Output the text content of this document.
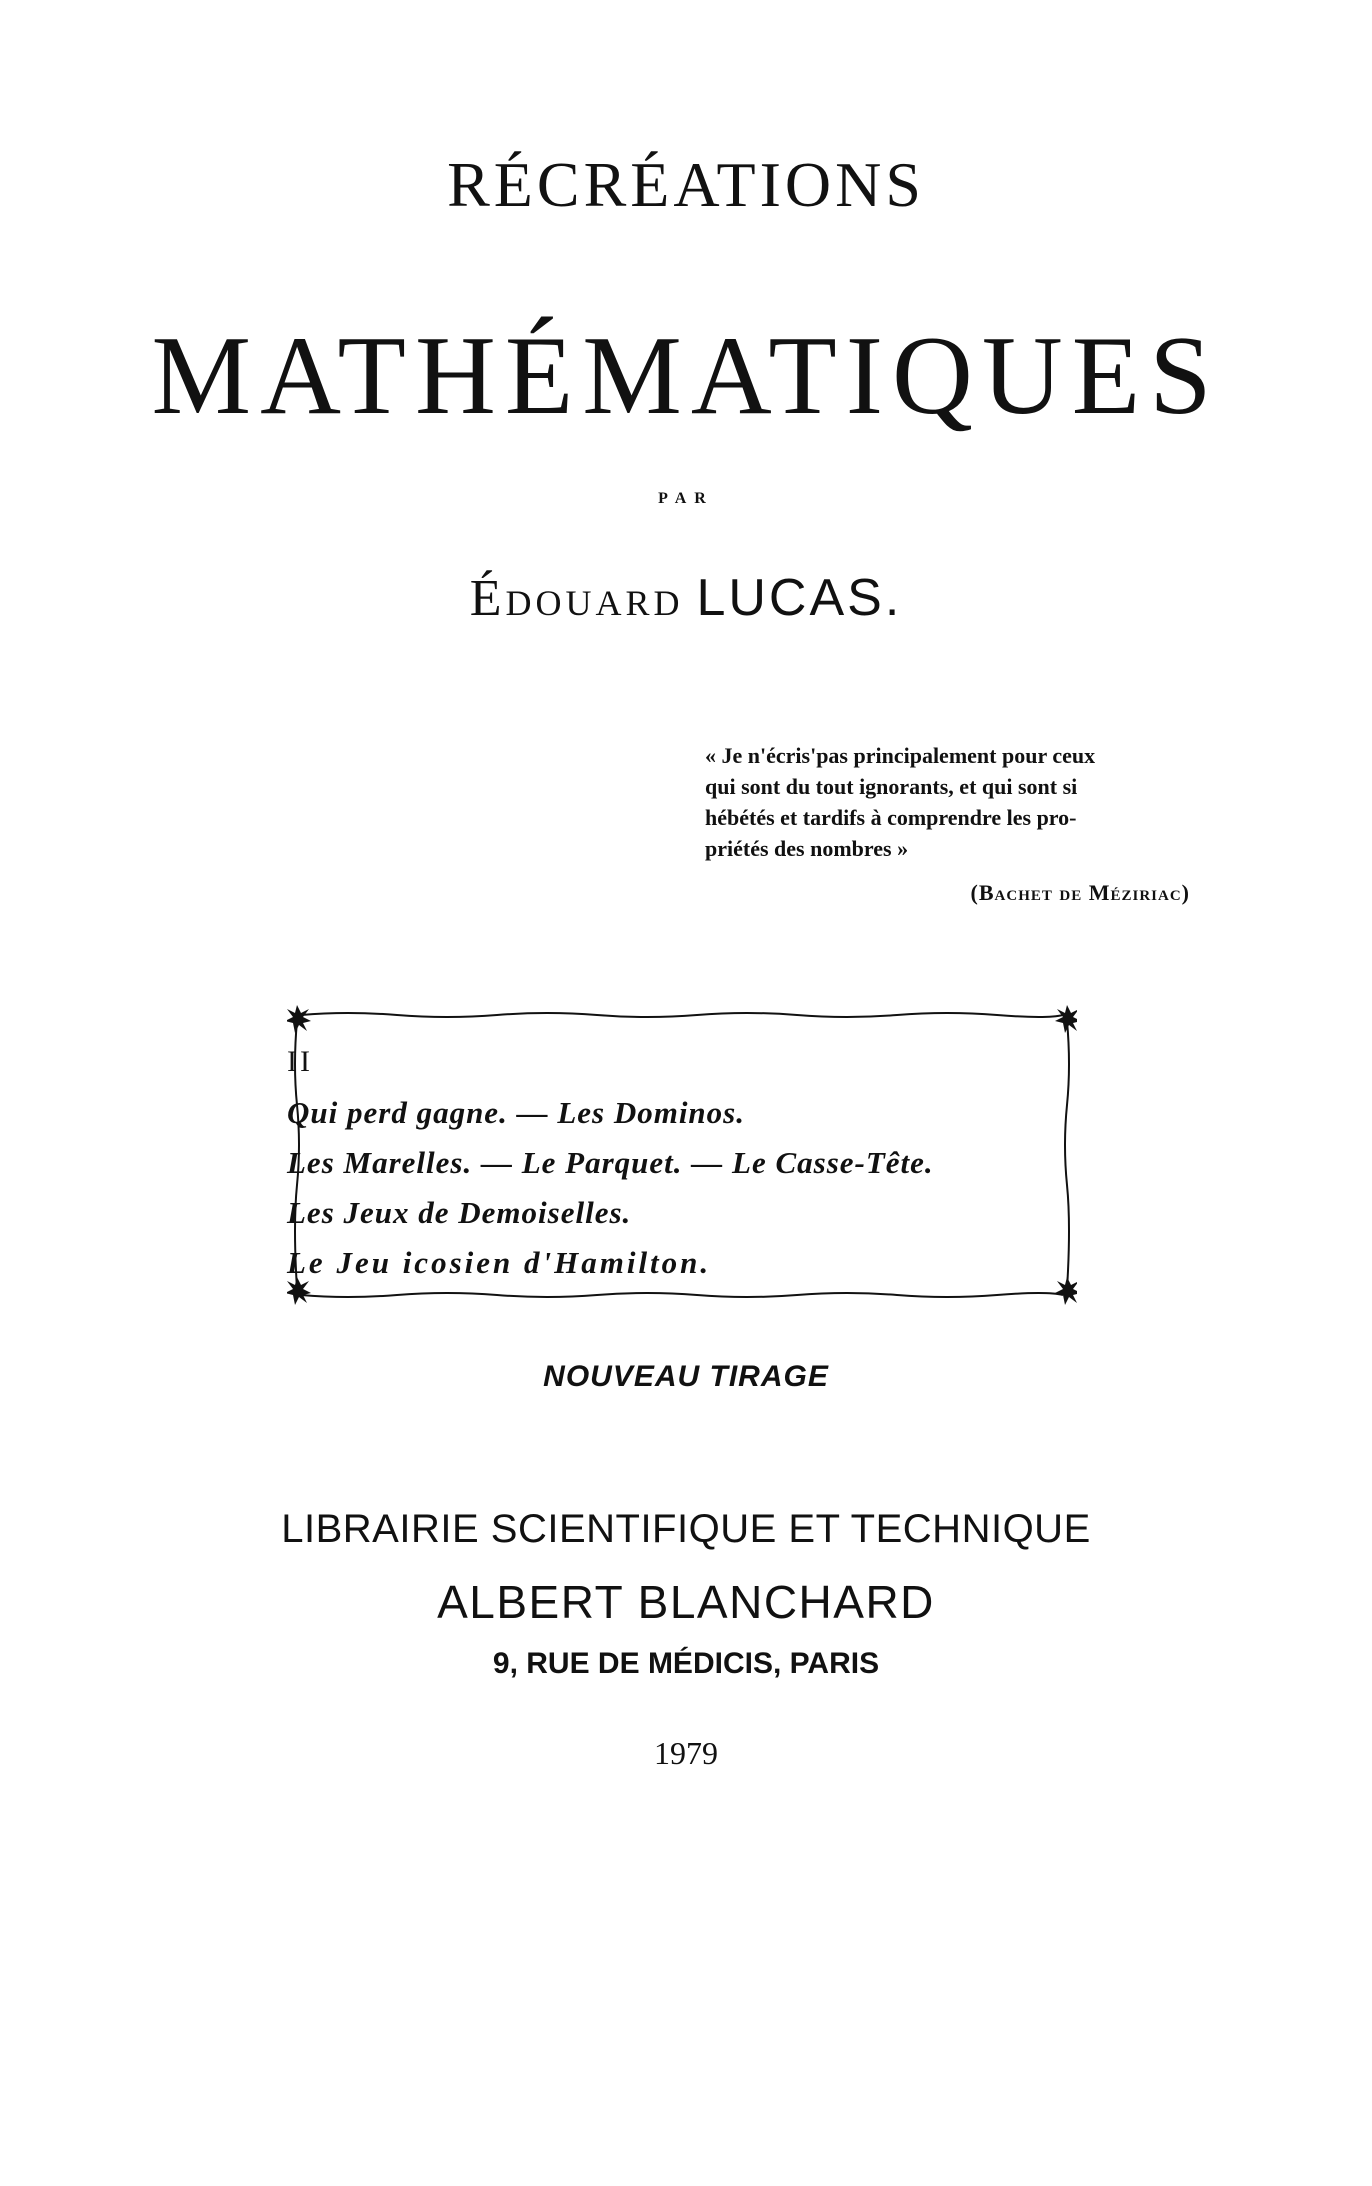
RÉCRÉATIONS
MATHÉMATIQUES
PAR
Édouard LUCAS.
« Je n'écris'pas principalement pour ceux
qui sont du tout ignorants, et qui sont si
hébétés et tardifs à comprendre les pro-
priétés des nombres »
(Bachet de Méziriac)
II
Qui perd gagne. — Les Dominos.
Les Marelles. — Le Parquet. — Le Casse-Tête.
Les Jeux de Demoiselles.
Le Jeu icosien d'Hamilton.
NOUVEAU TIRAGE
LIBRAIRIE SCIENTIFIQUE ET TECHNIQUE
ALBERT BLANCHARD
9, RUE DE MÉDICIS, PARIS
1979
